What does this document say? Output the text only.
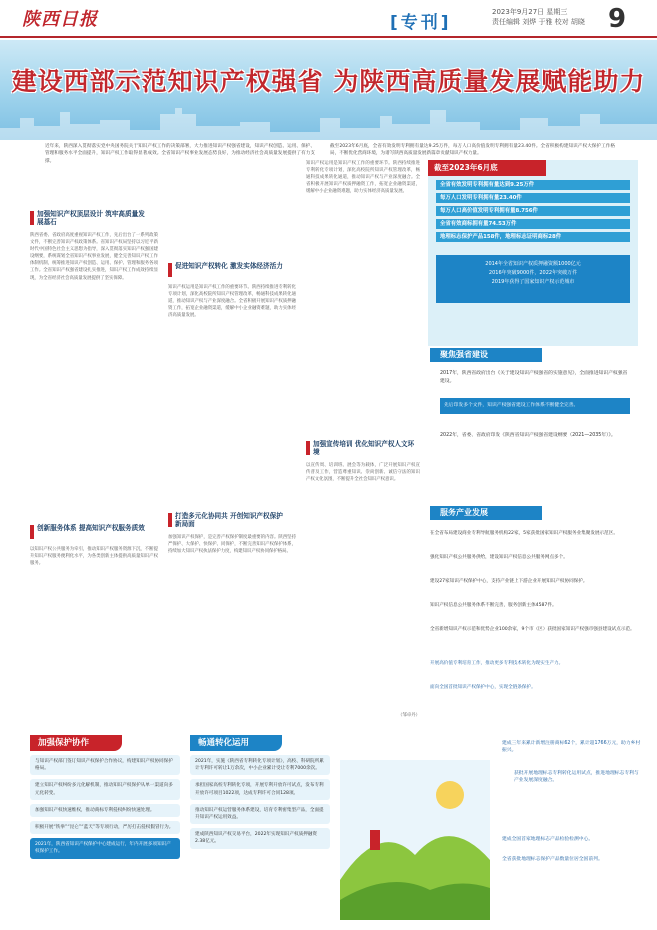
陕西日报	[专刊]
2023年9月27日 星期三
责任编辑 刘烨 于雅 校对 胡晓 9
建设西部示范知识产权强省 为陕西高质量发展赋能助力
近年来，陕西深入贯彻落实党中央国务院关于知识产权工作的决策部署，大力推进知识产权强省建设，知识产权创造、运用、保护、管理和服务水平全面提升，知识产权工作取得显著成效。全省知识产权事业发展态势良好，为推动经济社会高质量发展提供了有力支撑。
截至2023年6月底，全省有效发明专利拥有量达9.25万件，每万人口高价值发明专利拥有量23.40件。全省积极构建知识产权大保护工作格局，不断优化营商环境，为谱写陕西高质量发展新篇章贡献知识产权力量。
加强知识产权顶层设计 筑牢高质量发展基石
陕西省委、省政府高度重视知识产权工作，先后出台了一系列政策文件，不断完善知识产权政策体系。省知识产权局坚持以习近平新时代中国特色社会主义思想为指导，深入贯彻落实知识产权强国建设纲要，系统谋划全省知识产权事业发展，健全完善知识产权工作体制机制，统筹推进知识产权创造、运用、保护、管理和服务各项工作。全省知识产权强省建设扎实推进，知识产权工作成效持续显现，为全省经济社会高质量发展提供了坚实保障。
创新服务体系 提高知识产权服务质效
以知识产权公共服务为牵引，推动知识产权服务资源下沉，不断提升知识产权服务便利化水平，为各类创新主体提供高质量知识产权服务。
促进知识产权转化 激发实体经济活力
知识产权运用是知识产权工作的重要环节。陕西持续推进专利转化专项计划，深化高校院所知识产权管理改革，畅通科技成果转化通道，推动知识产权与产业深度融合。全省积极开展知识产权质押融资工作，拓宽企业融资渠道，缓解中小企业融资难题，助力实体经济高质量发展。
打造多元化协同共 开创知识产权保护新局面
加强知识产权保护，是完善产权保护制度最重要的内容。陕西坚持严保护、大保护、快保护、同保护，不断完善知识产权保护体系，持续加大知识产权执法保护力度，构建知识产权协同保护格局。
知识产权运用是知识产权工作的重要环节。陕西持续推进专利转化专项计划，深化高校院所知识产权管理改革，畅通科技成果转化通道，推动知识产权与产业深度融合。全省积极开展知识产权质押融资工作，拓宽企业融资渠道，缓解中小企业融资难题，助力实体经济高质量发展。
加强宣传培训 优化知识产权人文环境
以宣传周、培训班、展会等为载体，广泛开展知识产权宣传普及工作，营造尊重知识、崇尚创新、诚信守法的知识产权文化氛围，不断提升全社会知识产权意识。
（邹卓丹）
截至2023年6月底
全省有效发明专利拥有量达到9.25万件
每万人口发明专利拥有量23.40件
每万人口高价值发明专利拥有量8.756件
全省有效商标拥有量74.53万件
地理标志保护产品158件，地理标志证明商标28件
2014年全省知识产权质押融资额1000亿元
2016年突破9000件，2022年突破万件
2019年获得了国家知识产权示范城市
聚焦强省建设
2017年，陕西省政府出台《关于建设知识产权强省的实施意见》，全面推进知识产权强省建设。
先后印发多个文件，知识产权强省建设工作体系不断健全完善。
2022年，省委、省政府印发《陕西省知识产权强省建设纲要（2021—2035年）》。
服务产业发展
在全省布局建设商业专利导航服务机构22家，5家获批国家知识产权服务业集聚发展示范区。
强化知识产权公共服务供给，建设知识产权信息公共服务网点多个。
建设27家知识产权保护中心，支持产业链上下游企业开展知识产权协同保护。
知识产权信息公共服务体系不断完善，服务创新主体4587件。
全省新增知识产权示范和优势企业100余家，9个市（区）获批国家知识产权强市强县建设试点示范。
开展高价值专利培育工作，推动更多专利技术转化为现实生产力。
面向全国首批知识产权保护中心，实现全链条保护。
加强保护协作
与知识产权部门签订知识产权保护合作协议，构建知识产权协同保护格局。
建立知识产权纠纷多元化解机制，推动知识产权保护从单一渠道向多元化转变。
加强知识产权快速维权，推动商标专利侵权纠纷快速处理。
积极开展“铁拳”“昆仑”“蓝天”等专项行动，严厉打击侵权假冒行为。
2021年，陕西省知识产权保护中心建成运行，年内开展多项知识产权保护工作。
畅通转化运用
2021年，实施《陕西省专利转化专项计划》，高校、科研院所累计专利许可转让1万余次，中小企业累计受让专利7000余次。
承担国家高校专利转化专项，开展专利开放许可试点，发布专利开放许可项目1022项，达成专利许可合同128项。
推动知识产权运营服务体系建设，培育专利密集型产品，全面提升知识产权运用效益。
建成陕西知识产权交易平台，2022年实现知识产权质押融资2.38亿元。
建成三年来累计新增注册商标62个，累计超1766万元，助力乡村振兴。
获批开展地理标志专利转化运用试点，推进地理标志专利与产业发展深度融合。
建成全国首家地理标志产品检验检测中心。
全省获批地理标志保护产品数量位居全国前列。
